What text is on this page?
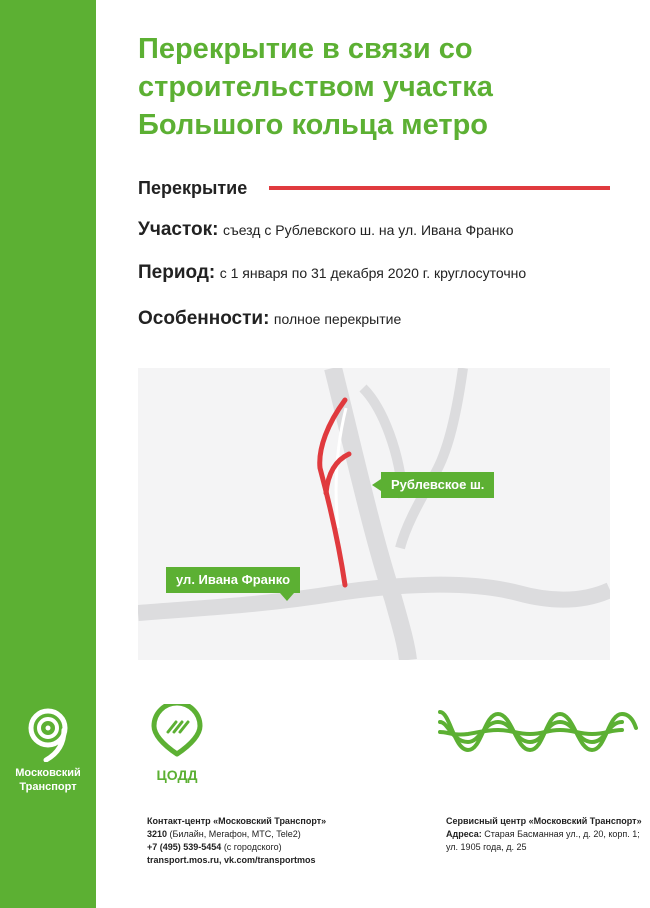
Московский
Транспорт
Перекрытие в связи со
строительством участка
Большого кольца метро
Перекрытие
Участок: съезд с Рублевского ш. на ул. Ивана Франко
Период: с 1 января по 31 декабря 2020 г. круглосуточно
Особенности: полное перекрытие
Рублевское ш.
ул. Ивана Франко
ЦОДД
Контакт-центр «Московский Транспорт»
3210 (Билайн, Мегафон, МТС, Tele2)
+7 (495) 539-5454 (с городского)
transport.mos.ru, vk.com/transportmos
Сервисный центр «Московский Транспорт»
Адреса: Старая Басманная ул., д. 20, корп. 1;
ул. 1905 года, д. 25
